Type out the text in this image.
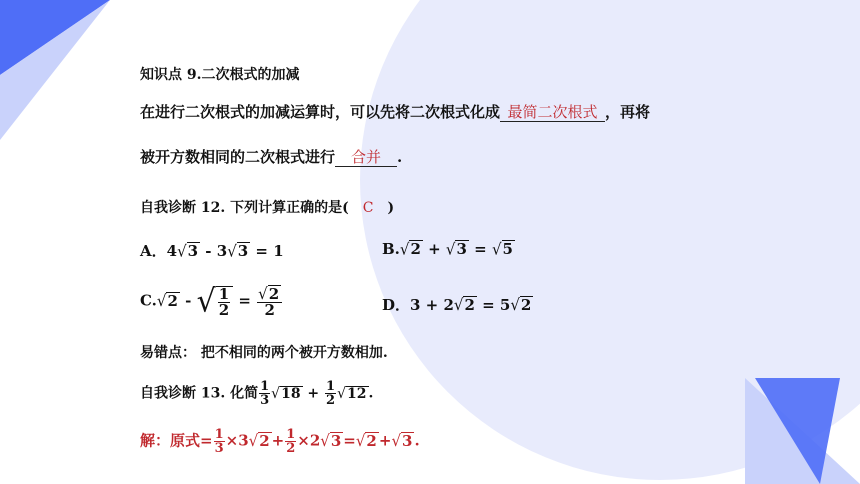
知识点 9.二次根式的加减
在进行二次根式的加减运算时，可以先将二次根式化成 最简二次根式 ，再将
被开方数相同的二次根式进行 合并 .
自我诊断 12. 下列计算正确的是( C )
A．4√3 - 3√3 = 1	B.√2 + √3 = √5
C.√2 - √ $\frac{1}{2} = \frac{√2}{2}$	D．3 + 2√2 = 5√2
易错点： 把不相同的两个被开方数相加.
自我诊断 13. 化简 $\frac{1}{3} √18 + \frac{1}{2} √12$ .
解：原式= $\frac{1}{3} \times 3√2 + \frac{1}{2} \times 2√3 =√2 +√3$ .
